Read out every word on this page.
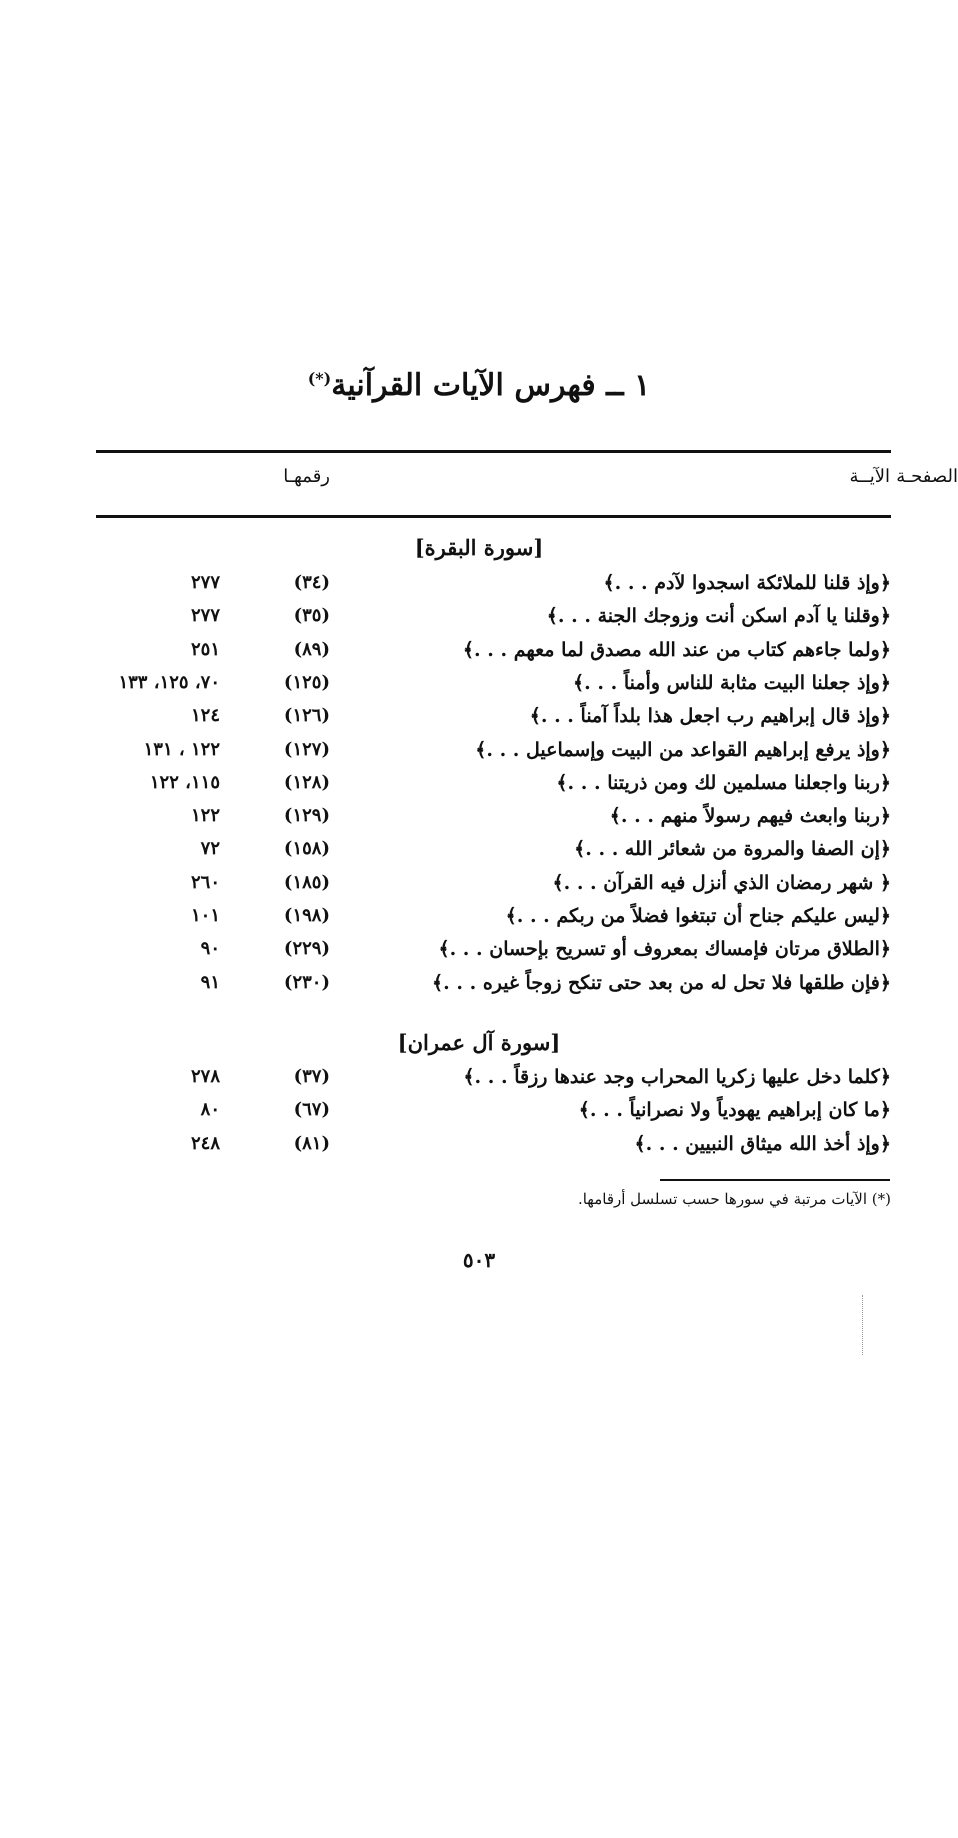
١ ــ فهرس الآيات القرآنية(*)
الآيــة
رقمهـا	الصفحـة
[سورة البقرة]
﴿وإذ قلنا للملائكة اسجدوا لآدم . . .﴾
(٣٤)
٢٧٧
﴿وقلنا يا آدم اسكن أنت وزوجك الجنة . . .﴾
(٣٥)
٢٧٧
﴿ولما جاءهم كتاب من عند الله مصدق لما معهم . . .﴾
(٨٩)
٢٥١
﴿وإذ جعلنا البيت مثابة للناس وأمناً . . .﴾
(١٢٥)
٧٠، ١٢٥، ١٣٣
﴿وإذ قال إبراهيم رب اجعل هذا بلداً آمناً . . .﴾
(١٢٦)
١٢٤
﴿وإذ يرفع إبراهيم القواعد من البيت وإسماعيل . . .﴾
(١٢٧)
١٢٢ ، ١٣١
﴿ربنا واجعلنا مسلمين لك ومن ذريتنا . . .﴾
(١٢٨)
١١٥، ١٢٢
﴿ربنا وابعث فيهم رسولاً منهم . . .﴾
(١٢٩)
١٢٢
﴿إن الصفا والمروة من شعائر الله . . .﴾
(١٥٨)
٧٢
﴿ شهر رمضان الذي أنزل فيه القرآن . . .﴾
(١٨٥)
٢٦٠
﴿ليس عليكم جناح أن تبتغوا فضلاً من ربكم . . .﴾
(١٩٨)
١٠١
﴿الطلاق مرتان فإمساك بمعروف أو تسريح بإحسان . . .﴾
(٢٢٩)
٩٠
﴿فإن طلقها فلا تحل له من بعد حتى تنكح زوجاً غيره . . .﴾
(٢٣٠)
٩١
[سورة آل عمران]
﴿كلما دخل عليها زكريا المحراب وجد عندها رزقاً . . .﴾
(٣٧)
٢٧٨
﴿ما كان إبراهيم يهودياً ولا نصرانياً . . .﴾
(٦٧)
٨٠
﴿وإذ أخذ الله ميثاق النبيين . . .﴾
(٨١)
٢٤٨
(*) الآيات مرتبة في سورها حسب تسلسل أرقامها.
٥٠٣
